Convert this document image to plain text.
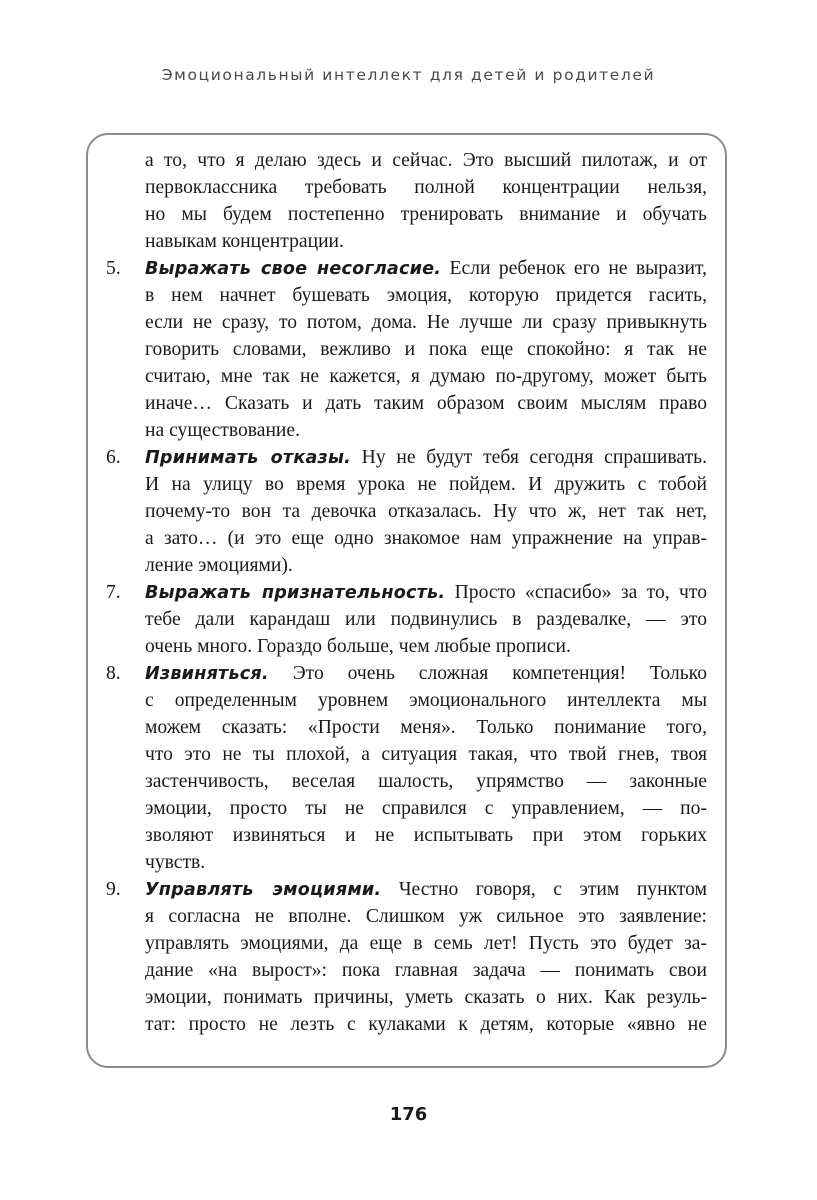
Эмоциональный интеллект для детей и родителей
а то, что я делаю здесь и сейчас. Это высший пилотаж, и от
первоклассника требовать полной концентрации нельзя,
но мы будем постепенно тренировать внимание и обучать
навыкам концентрации.
5.	Выражать свое несогласие. Если ребенок его не выразит,
в нем начнет бушевать эмоция, которую придется гасить,
если не сразу, то потом, дома. Не лучше ли сразу привыкнуть
говорить словами, вежливо и пока еще спокойно: я так не
считаю, мне так не кажется, я думаю по-другому, может быть
иначе… Сказать и дать таким образом своим мыслям право
на существование.
6.	Принимать отказы. Ну не будут тебя сегодня спрашивать.
И на улицу во время урока не пойдем. И дружить с тобой
почему-то вон та девочка отказалась. Ну что ж, нет так нет,
а зато… (и это еще одно знакомое нам упражнение на управ-
ление эмоциями).
7.	Выражать признательность. Просто «спасибо» за то, что
тебе дали карандаш или подвинулись в раздевалке, — это
очень много. Гораздо больше, чем любые прописи.
8.	Извиняться. Это очень сложная компетенция! Только
с определенным уровнем эмоционального интеллекта мы
можем сказать: «Прости меня». Только понимание того,
что это не ты плохой, а ситуация такая, что твой гнев, твоя
застенчивость, веселая шалость, упрямство — законные
эмоции, просто ты не справился с управлением, — по-
зволяют извиняться и не испытывать при этом горьких
чувств.
9.	Управлять эмоциями. Честно говоря, с этим пунктом
я согласна не вполне. Слишком уж сильное это заявление:
управлять эмоциями, да еще в семь лет! Пусть это будет за-
дание «на вырост»: пока главная задача — понимать свои
эмоции, понимать причины, уметь сказать о них. Как резуль-
тат: просто не лезть с кулаками к детям, которые «явно не
176
